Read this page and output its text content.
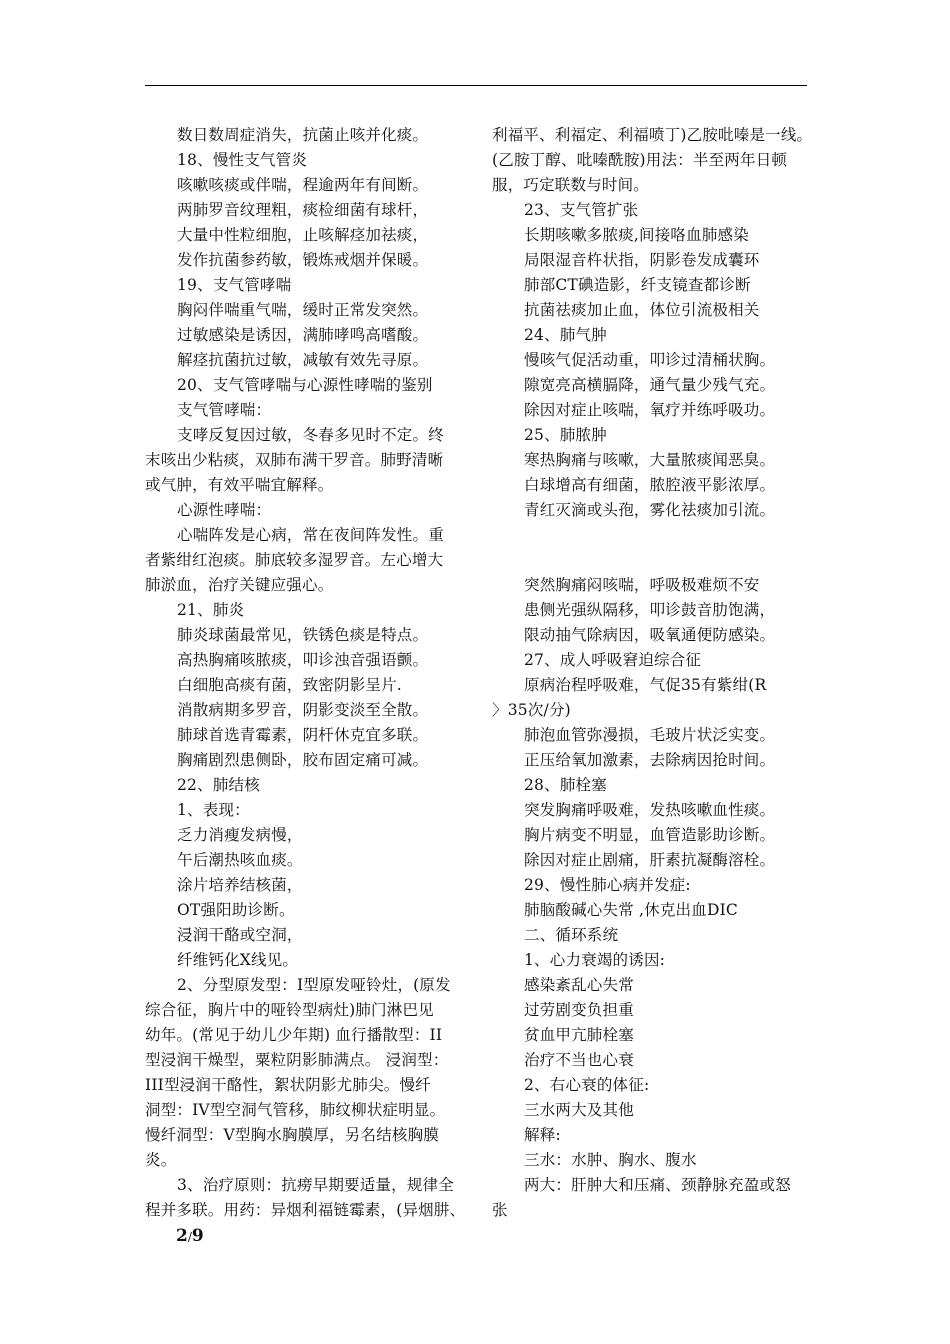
数日数周症消失，抗菌止咳并化痰。
18、慢性支气管炎
咳嗽咳痰或伴喘，程逾两年有间断。
两肺罗音纹理粗，痰检细菌有球杆，
大量中性粒细胞，止咳解痉加祛痰，
发作抗菌参药敏，锻炼戒烟并保暖。
19、支气管哮喘
胸闷伴喘重气喘，缓时正常发突然。
过敏感染是诱因，满肺哮鸣高嗜酸。
解痉抗菌抗过敏，减敏有效先寻原。
20、支气管哮喘与心源性哮喘的鉴别
支气管哮喘：
支哮反复因过敏，冬春多见时不定。终
末咳出少粘痰，双肺布满干罗音。肺野清晰
或气肿，有效平喘宜解释。
心源性哮喘：
心喘阵发是心病，常在夜间阵发性。重
者紫绀红泡痰。肺底较多湿罗音。左心增大
肺淤血，治疗关键应强心。
21、肺炎
肺炎球菌最常见，铁锈色痰是特点。
高热胸痛咳脓痰，叩诊浊音强语颤。
白细胞高痰有菌，致密阴影呈片.
消散病期多罗音，阴影变淡至全散。
肺球首选青霉素，阴杆休克宜多联。
胸痛剧烈患侧卧，胶布固定痛可减。
22、肺结核
1、表现：
乏力消瘦发病慢，
午后潮热咳血痰。
涂片培养结核菌，
OT强阳助诊断。
浸润干酪或空洞，
纤维钙化X线见。
2、分型原发型：I型原发哑铃灶，(原发
综合征，胸片中的哑铃型病灶)肺门淋巴见
幼年。(常见于幼儿少年期) 血行播散型：II
型浸润干燥型，粟粒阴影肺满点。 浸润型：
III型浸润干酪性，絮状阴影尤肺尖。慢纤
洞型：IV型空洞气管移，肺纹柳状症明显。
慢纤洞型：V型胸水胸膜厚，另名结核胸膜
炎。
3、治疗原则：抗痨早期要适量，规律全
程并多联。用药：异烟利福链霉素，(异烟肼、
利福平、利福定、利福喷丁)乙胺吡嗪是一线。
(乙胺丁醇、吡嗪酰胺)用法：半至两年日顿
服，巧定联数与时间。
23、支气管扩张
长期咳嗽多脓痰,间接咯血肺感染
局限湿音杵状指，阴影卷发成囊环
肺部CT碘造影，纤支镜查都诊断
抗菌祛痰加止血，体位引流极相关
24、肺气肿
慢咳气促活动重，叩诊过清桶状胸。
隙宽亮高横膈降，通气量少残气充。
除因对症止咳喘，氧疗并练呼吸功。
25、肺脓肿
寒热胸痛与咳嗽，大量脓痰闻恶臭。
白球增高有细菌，脓腔液平影浓厚。
青红灭滴或头孢，雾化祛痰加引流。
突然胸痛闷咳喘，呼吸极难烦不安
患侧光强纵隔移，叩诊鼓音肋饱满，
限动抽气除病因，吸氧通便防感染。
27、成人呼吸窘迫综合征
原病治程呼吸难，气促35有紫绀(R
〉35次/分)
肺泡血管弥漫损，毛玻片状泛实变。
正压给氧加激素，去除病因抢时间。
28、肺栓塞
突发胸痛呼吸难，发热咳嗽血性痰。
胸片病变不明显，血管造影助诊断。
除因对症止剧痛，肝素抗凝酶溶栓。
29、慢性肺心病并发症:
肺脑酸碱心失常 ,休克出血DIC
二、循环系统
1、心力衰竭的诱因:
感染紊乱心失常
过劳剧变负担重
贫血甲亢肺栓塞
治疗不当也心衰
2、右心衰的体征:
三水两大及其他
解释:
三水：水肿、胸水、腹水
两大：肝肿大和压痛、颈静脉充盈或怒
张
2/9
